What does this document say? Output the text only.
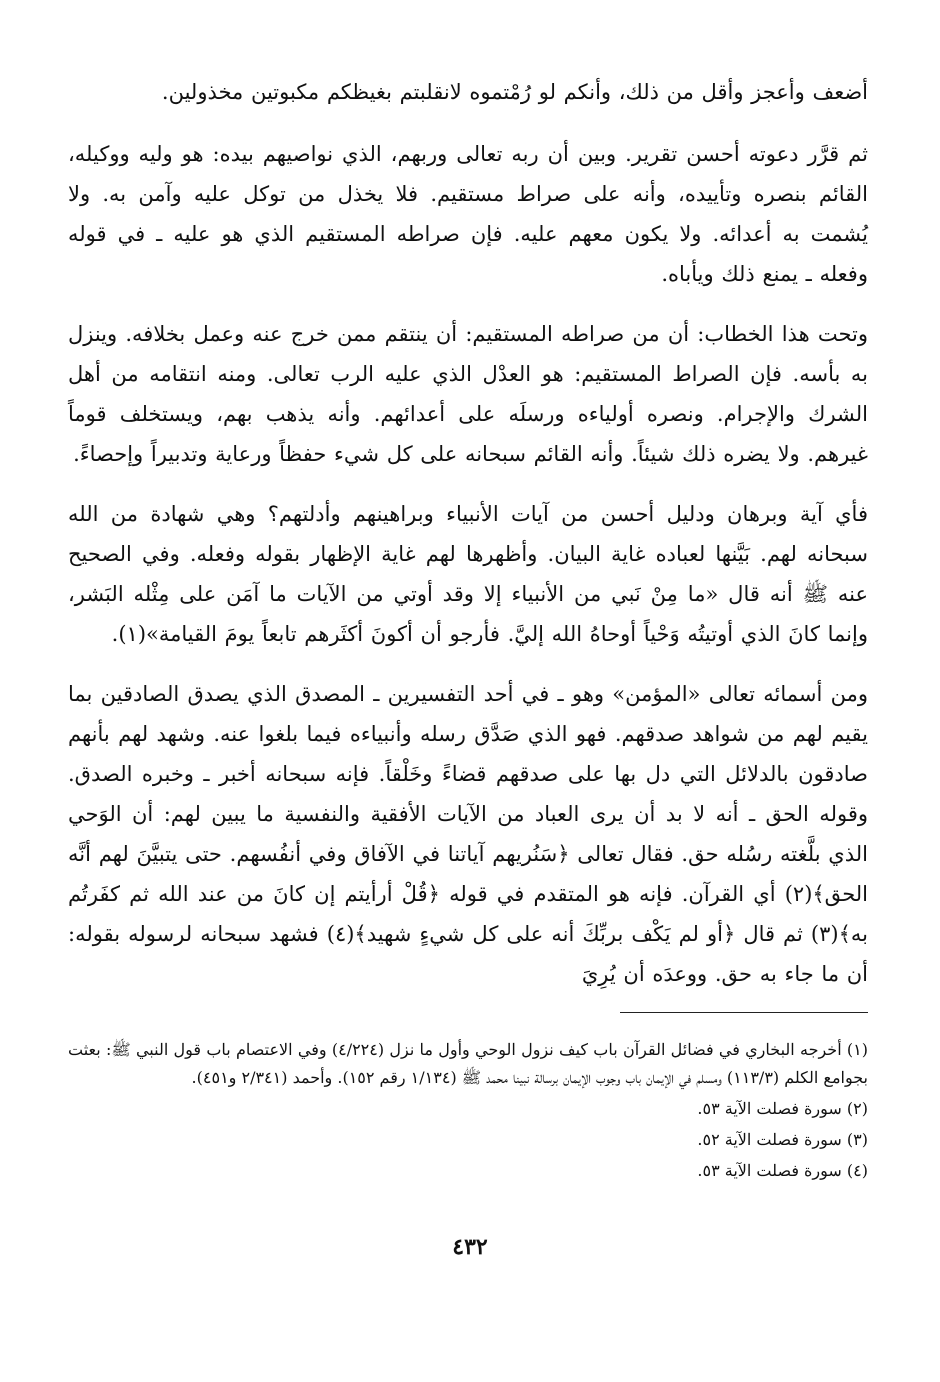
أضعف وأعجز وأقل من ذلك، وأنكم لو رُمْتموه لانقلبتم بغيظكم مكبوتين مخذولين.

ثم قرَّر دعوته أحسن تقرير. وبين أن ربه تعالى وربهم، الذي نواصيهم بيده: هو وليه ووكيله، القائم بنصره وتأييده، وأنه على صراط مستقيم. فلا يخذل من توكل عليه وآمن به. ولا يُشمت به أعدائه. ولا يكون معهم عليه. فإن صراطه المستقيم الذي هو عليه ـ في قوله وفعله ـ يمنع ذلك ويأباه.

وتحت هذا الخطاب: أن من صراطه المستقيم: أن ينتقم ممن خرج عنه وعمل بخلافه. وينزل به بأسه. فإن الصراط المستقيم: هو العدْل الذي عليه الرب تعالى. ومنه انتقامه من أهل الشرك والإجرام. ونصره أولياءه ورسلَه على أعدائهم. وأنه يذهب بهم، ويستخلف قوماً غيرهم. ولا يضره ذلك شيئاً. وأنه القائم سبحانه على كل شيء حفظاً ورعاية وتدبيراً وإحصاءً.

فأي آية وبرهان ودليل أحسن من آيات الأنبياء وبراهينهم وأدلتهم؟ وهي شهادة من الله سبحانه لهم. بَيَّنها لعباده غاية البيان. وأظهرها لهم غاية الإظهار بقوله وفعله. وفي الصحيح عنه ﷺ أنه قال «ما مِنْ نَبي من الأنبياء إلا وقد أوتي من الآيات ما آمَن على مِثْله البَشر، وإنما كانَ الذي أوتيتُه وَحْياً أوحاهُ الله إليَّ. فأرجو أن أكونَ أكثَرهم تابعاً يومَ القيامة»(١).

ومن أسمائه تعالى «المؤمن» وهو ـ في أحد التفسيرين ـ المصدق الذي يصدق الصادقين بما يقيم لهم من شواهد صدقهم. فهو الذي صَدَّق رسله وأنبياءه فيما بلغوا عنه. وشهد لهم بأنهم صادقون بالدلائل التي دل بها على صدقهم قضاءً وخَلْقاً. فإنه سبحانه أخبر ـ وخبره الصدق. وقوله الحق ـ أنه لا بد أن يرى العباد من الآيات الأفقية والنفسية ما يبين لهم: أن الوَحي الذي بلَّغته رسُله حق. فقال تعالى ﴿سَنُريهم آياتنا في الآفاق وفي أنفُسهم. حتى يتبيَّنَ لهم أنَّه الحق﴾(٢) أي القرآن. فإنه هو المتقدم في قوله ﴿قُلْ أرأيتم إن كانَ من عند الله ثم كفَرتُم به﴾(٣) ثم قال ﴿أو لم يَكْف بربِّكَ أنه على كل شيءٍ شهيد﴾(٤) فشهد سبحانه لرسوله بقوله: أن ما جاء به حق. ووعدَه أن يُرِيَ

(١) أخرجه البخاري في فضائل القرآن باب كيف نزول الوحي وأول ما نزل (٤/٢٢٤) وفي الاعتصام باب قول النبي ﷺ: بعثت بجوامع الكلم (١١٣/٣) ومسلم في الإيمان باب وجوب الإيمان برسالة نبينا محمد ﷺ (١/١٣٤ رقم ١٥٢). وأحمد (٢/٣٤١ و٤٥١).

(٢) سورة فصلت الآية ٥٣.

(٣) سورة فصلت الآية ٥٢.

(٤) سورة فصلت الآية ٥٣.

٤٣٢
